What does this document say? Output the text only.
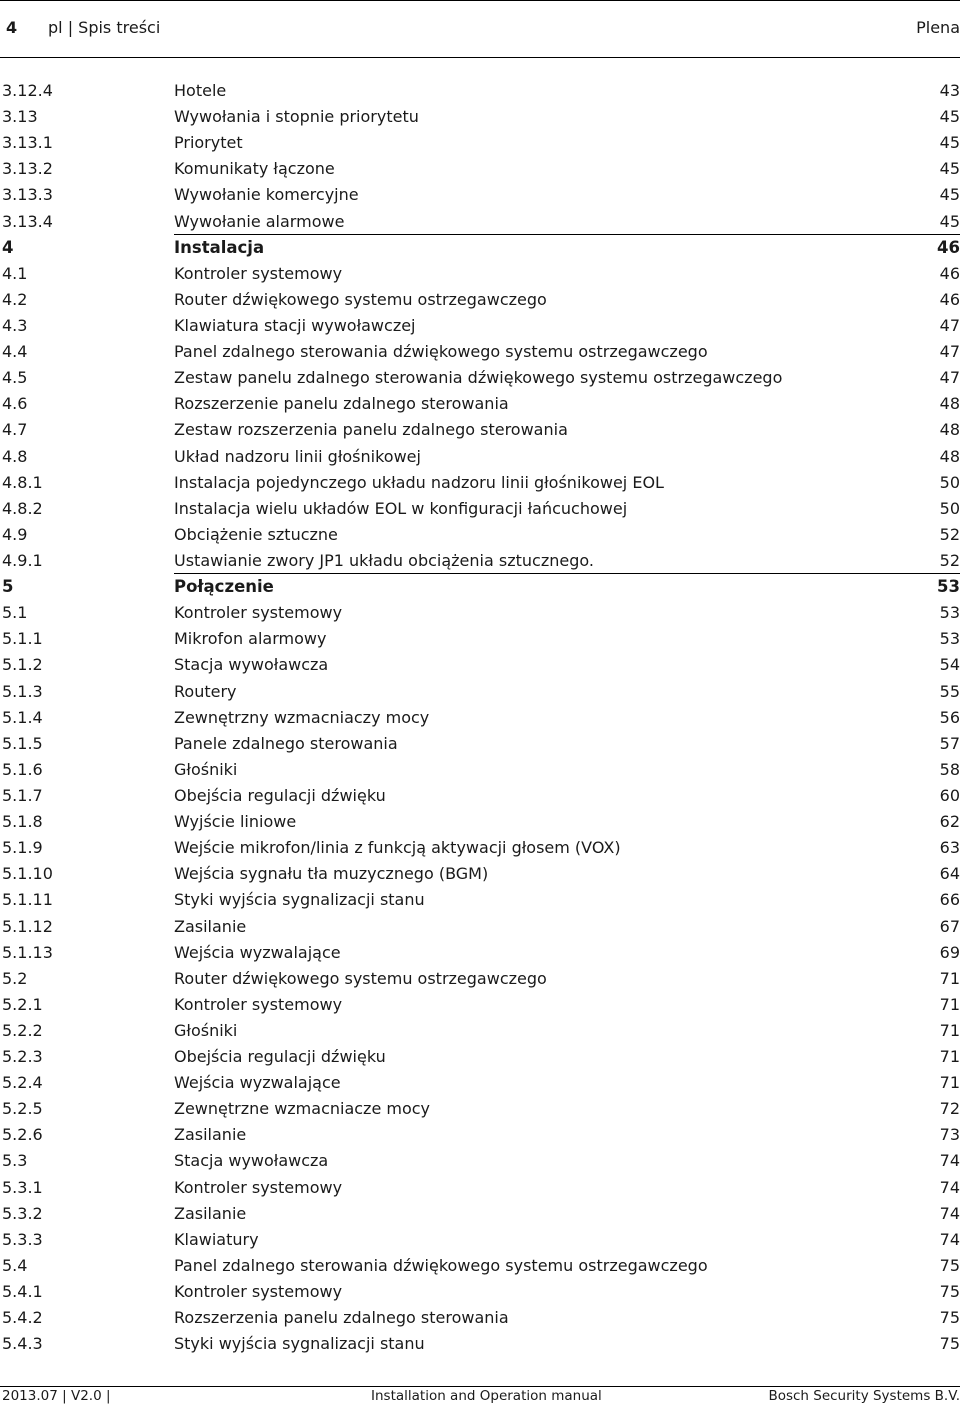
4 pl | Spis treści	Plena
3.12.4	Hotele	43
3.13	Wywołania i stopnie priorytetu	45
3.13.1	Priorytet	45
3.13.2	Komunikaty łączone	45
3.13.3	Wywołanie komercyjne	45
3.13.4	Wywołanie alarmowe	45
4	Instalacja	46
4.1	Kontroler systemowy	46
4.2	Router dźwiękowego systemu ostrzegawczego	46
4.3	Klawiatura stacji wywoławczej	47
4.4	Panel zdalnego sterowania dźwiękowego systemu ostrzegawczego	47
4.5	Zestaw panelu zdalnego sterowania dźwiękowego systemu ostrzegawczego	47
4.6	Rozszerzenie panelu zdalnego sterowania	48
4.7	Zestaw rozszerzenia panelu zdalnego sterowania	48
4.8	Układ nadzoru linii głośnikowej	48
4.8.1	Instalacja pojedynczego układu nadzoru linii głośnikowej EOL	50
4.8.2	Instalacja wielu układów EOL w konfiguracji łańcuchowej	50
4.9	Obciążenie sztuczne	52
4.9.1	Ustawianie zwory JP1 układu obciążenia sztucznego.	52
5	Połączenie	53
5.1	Kontroler systemowy	53
5.1.1	Mikrofon alarmowy	53
5.1.2	Stacja wywoławcza	54
5.1.3	Routery	55
5.1.4	Zewnętrzny wzmacniaczy mocy	56
5.1.5	Panele zdalnego sterowania	57
5.1.6	Głośniki	58
5.1.7	Obejścia regulacji dźwięku	60
5.1.8	Wyjście liniowe	62
5.1.9	Wejście mikrofon/linia z funkcją aktywacji głosem (VOX)	63
5.1.10	Wejścia sygnału tła muzycznego (BGM)	64
5.1.11	Styki wyjścia sygnalizacji stanu	66
5.1.12	Zasilanie	67
5.1.13	Wejścia wyzwalające	69
5.2	Router dźwiękowego systemu ostrzegawczego	71
5.2.1	Kontroler systemowy	71
5.2.2	Głośniki	71
5.2.3	Obejścia regulacji dźwięku	71
5.2.4	Wejścia wyzwalające	71
5.2.5	Zewnętrzne wzmacniacze mocy	72
5.2.6	Zasilanie	73
5.3	Stacja wywoławcza	74
5.3.1	Kontroler systemowy	74
5.3.2	Zasilanie	74
5.3.3	Klawiatury	74
5.4	Panel zdalnego sterowania dźwiękowego systemu ostrzegawczego	75
5.4.1	Kontroler systemowy	75
5.4.2	Rozszerzenia panelu zdalnego sterowania	75
5.4.3	Styki wyjścia sygnalizacji stanu	75
2013.07 | V2.0 |	Installation and Operation manual	Bosch Security Systems B.V.
